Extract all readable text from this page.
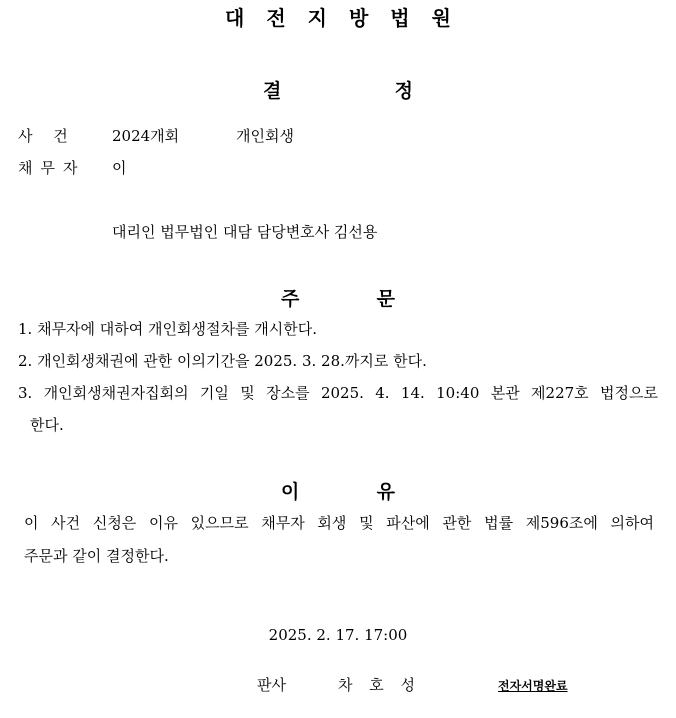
대전지방법원
결	정
사 건 2024개회	개인회생
채무자 이
대리인 법무법인 대담 담당변호사 김선용
주	문
1. 채무자에 대하여 개인회생절차를 개시한다.
2. 개인회생채권에 관한 이의기간을 2025. 3. 28.까지로 한다.
3. 개인회생채권자집회의 기일 및 장소를 2025. 4. 14. 10:40 본관 제227호 법정으로
한다.
이	유
이 사건 신청은 이유 있으므로 채무자 회생 및 파산에 관한 법률 제596조에 의하여
주문과 같이 결정한다.
2025. 2. 17. 17:00
판사	차 호 성	전자서명완료
